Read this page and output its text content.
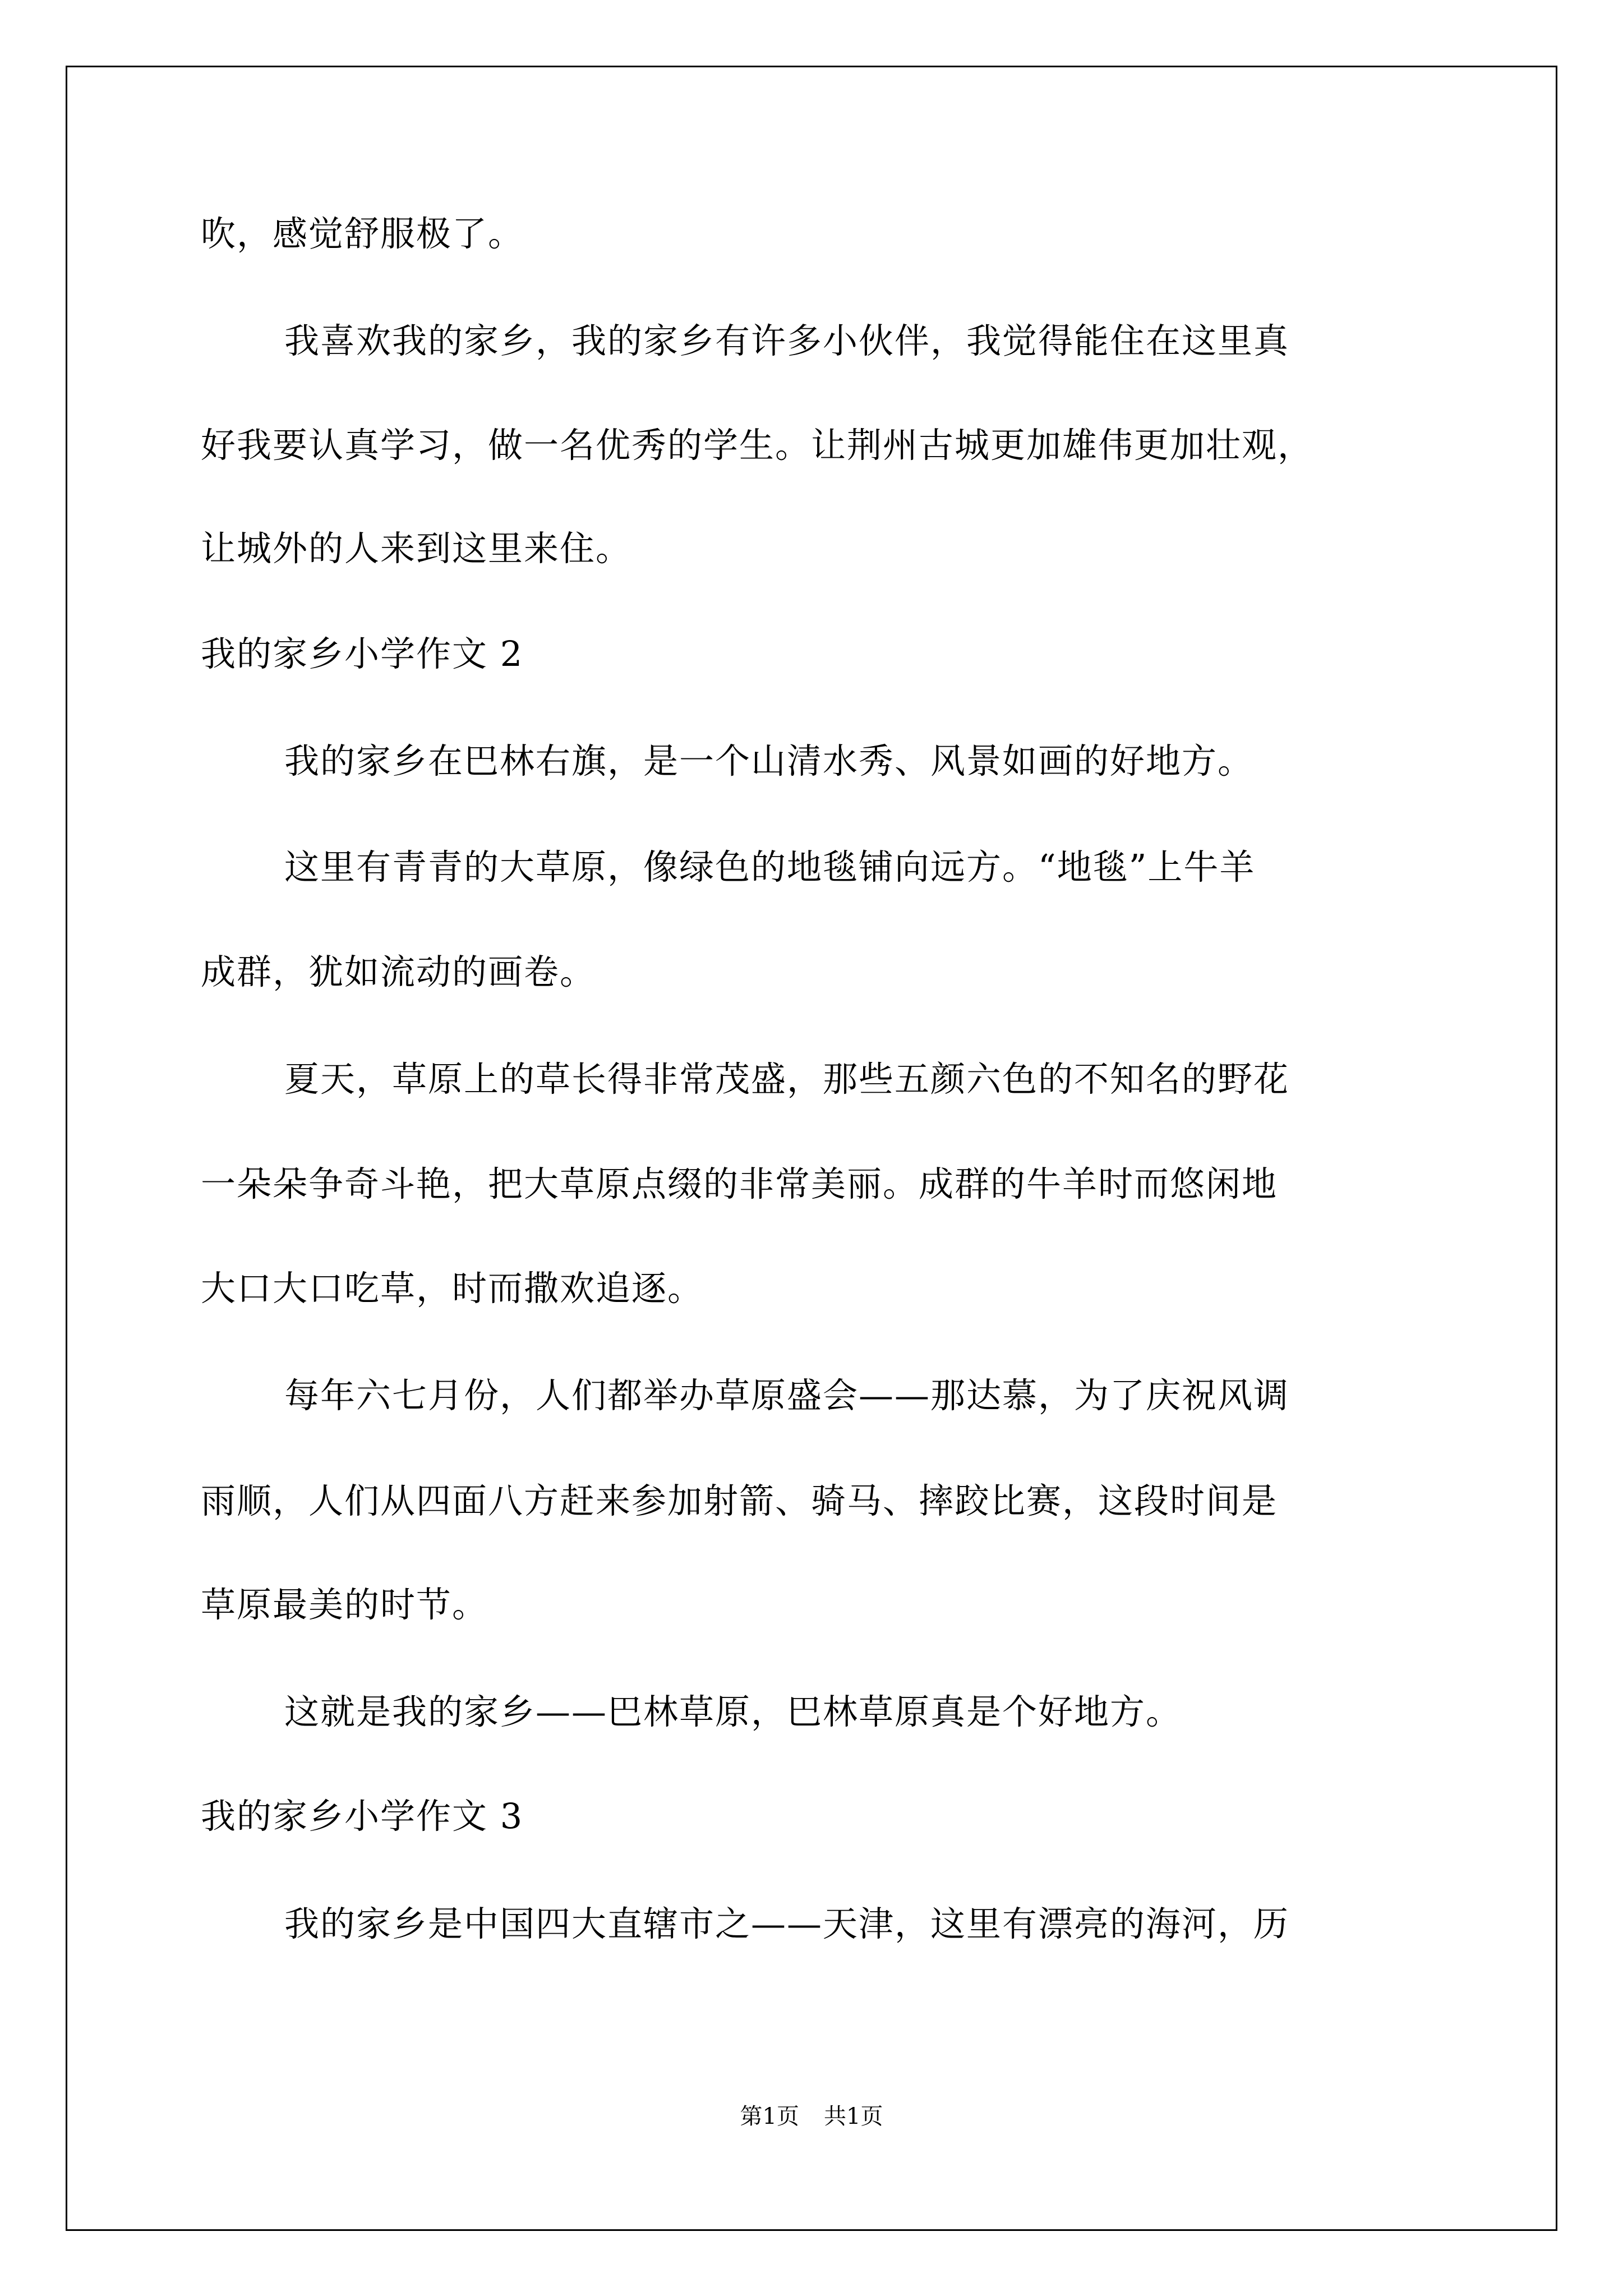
吹，感觉舒服极了。
我喜欢我的家乡，我的家乡有许多小伙伴，我觉得能住在这里真
好我要认真学习，做一名优秀的学生。让荆州古城更加雄伟更加壮观，
让城外的人来到这里来住。
我的家乡小学作文 2
我的家乡在巴林右旗，是一个山清水秀、风景如画的好地方。
这里有青青的大草原，像绿色的地毯铺向远方。“地毯”上牛羊
成群，犹如流动的画卷。
夏天，草原上的草长得非常茂盛，那些五颜六色的不知名的野花
一朵朵争奇斗艳，把大草原点缀的非常美丽。成群的牛羊时而悠闲地
大口大口吃草，时而撒欢追逐。
每年六七月份，人们都举办草原盛会——那达慕，为了庆祝风调
雨顺，人们从四面八方赶来参加射箭、骑马、摔跤比赛，这段时间是
草原最美的时节。
这就是我的家乡——巴林草原，巴林草原真是个好地方。
我的家乡小学作文 3
我的家乡是中国四大直辖市之——天津，这里有漂亮的海河，历
第1页 共1页
